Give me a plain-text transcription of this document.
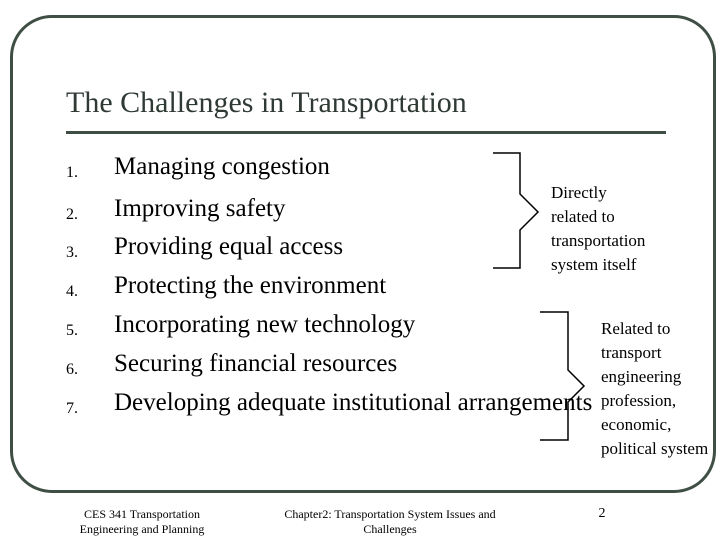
The Challenges in Transportation
1. Managing congestion
2. Improving safety
3. Providing equal access
4. Protecting the environment
5. Incorporating new technology
6. Securing financial resources
7. Developing adequate institutional arrangements
Directly
related to
transportation
system itself
Related to
transport
engineering
profession,
economic,
political system
CES 341 Transportation
Engineering and Planning
Chapter2: Transportation System Issues and
Challenges
2
